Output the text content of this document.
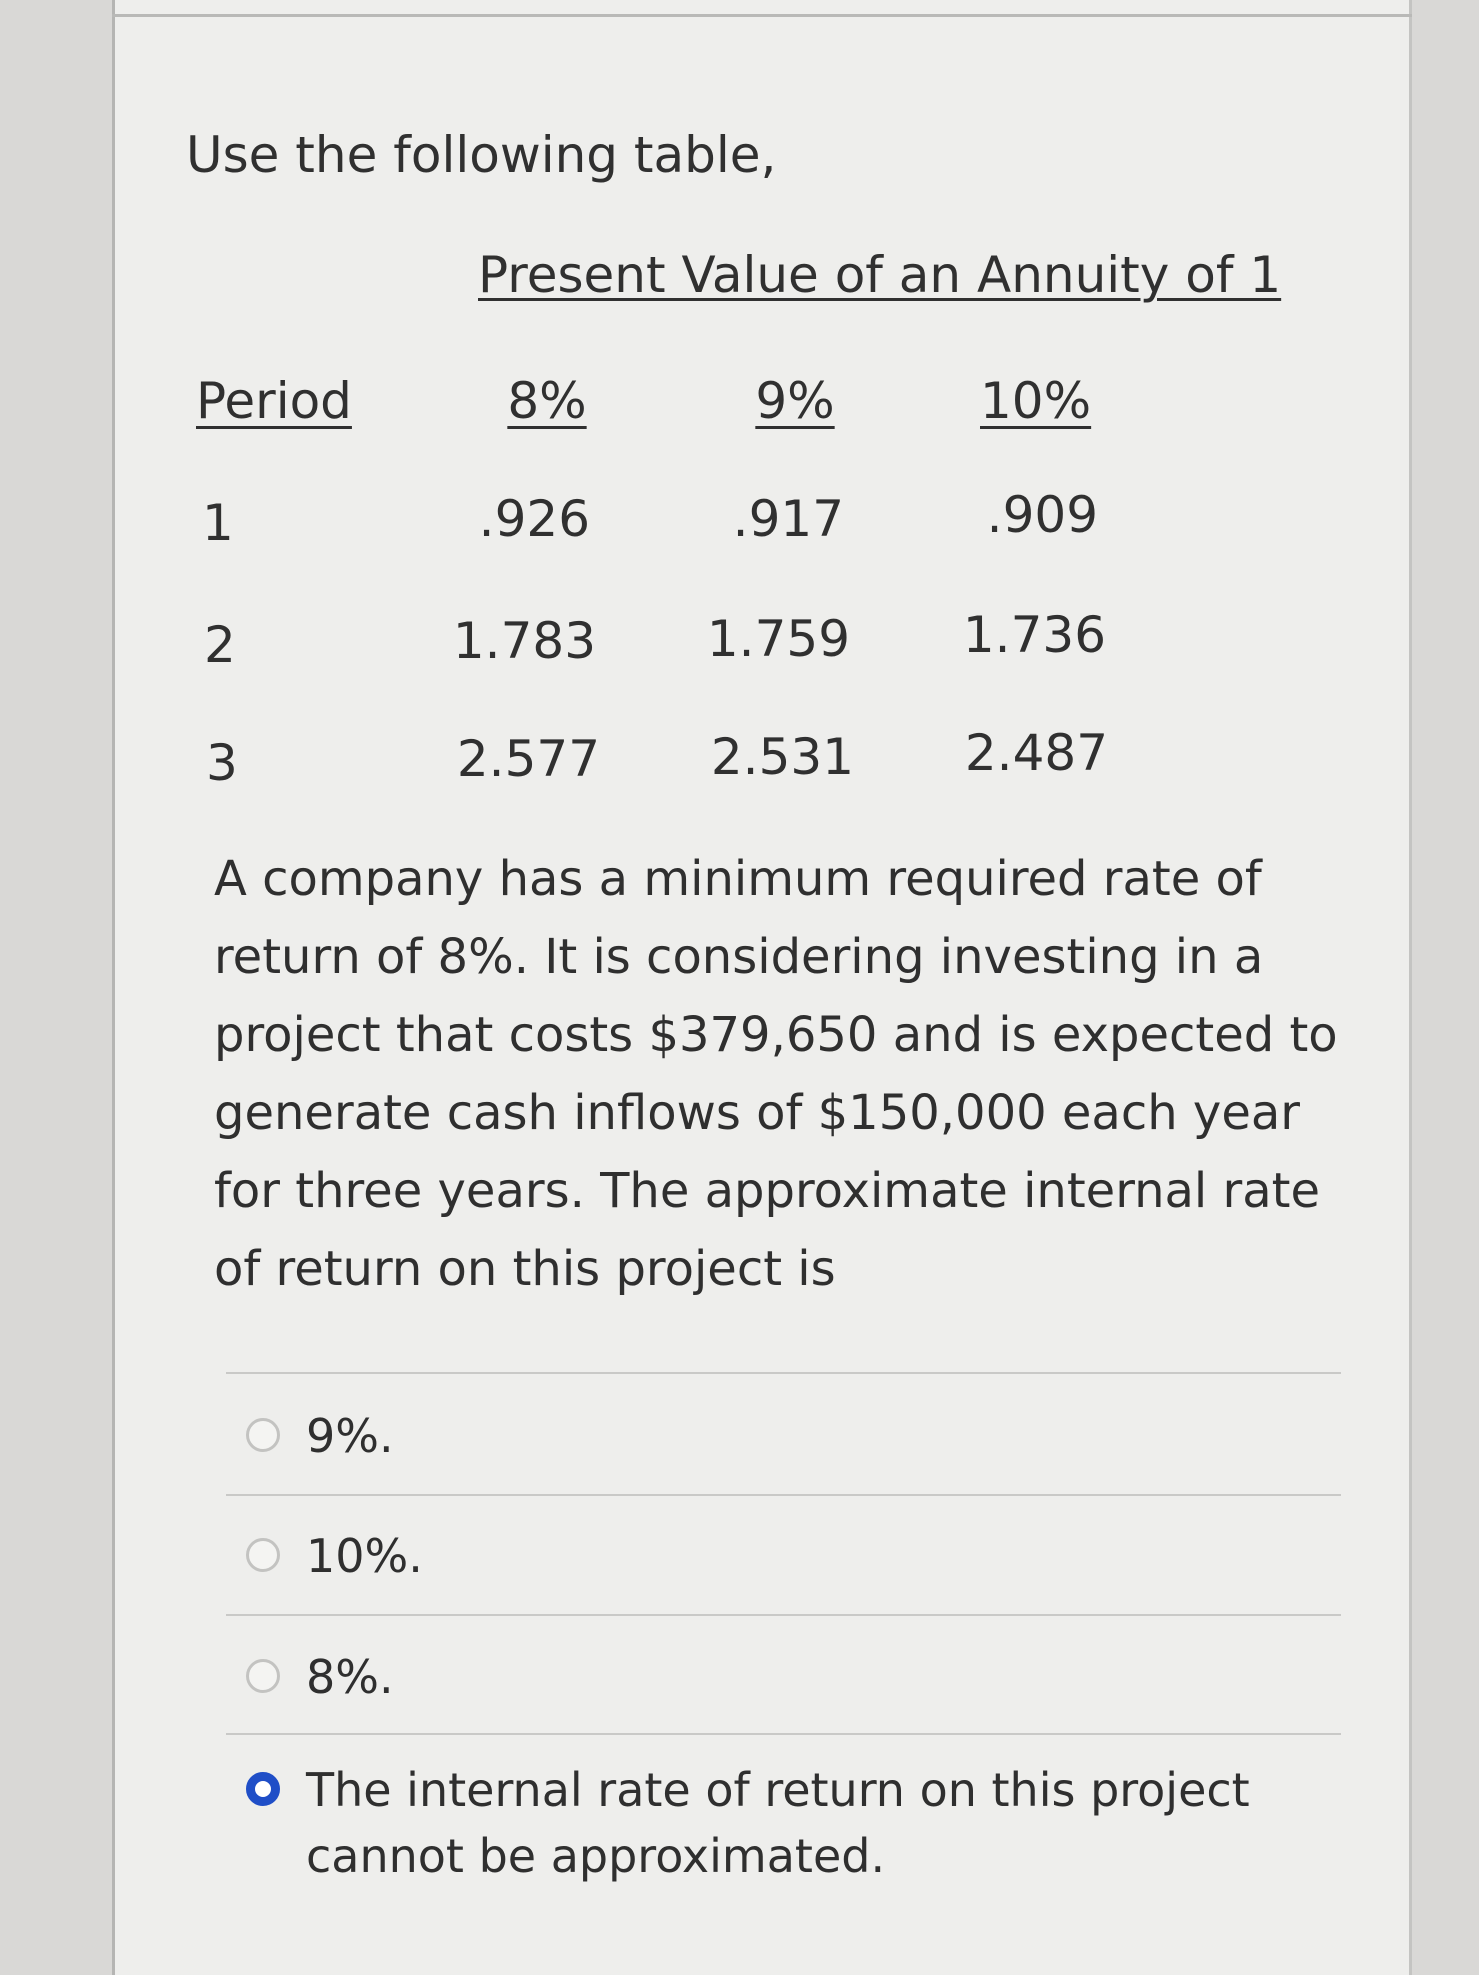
Use the following table,
Present Value of an Annuity of 1
Period	8%	9%	10%
1	.926	.917	.909
2	1.783	1.759	1.736
3	2.577	2.531	2.487
A company has a minimum required rate of return of 8%. It is considering investing in a project that costs $379,650 and is expected to generate cash inflows of $150,000 each year for three years. The approximate internal rate of return on this project is
9%.
10%.
8%.
The internal rate of return on this project cannot be approximated.
